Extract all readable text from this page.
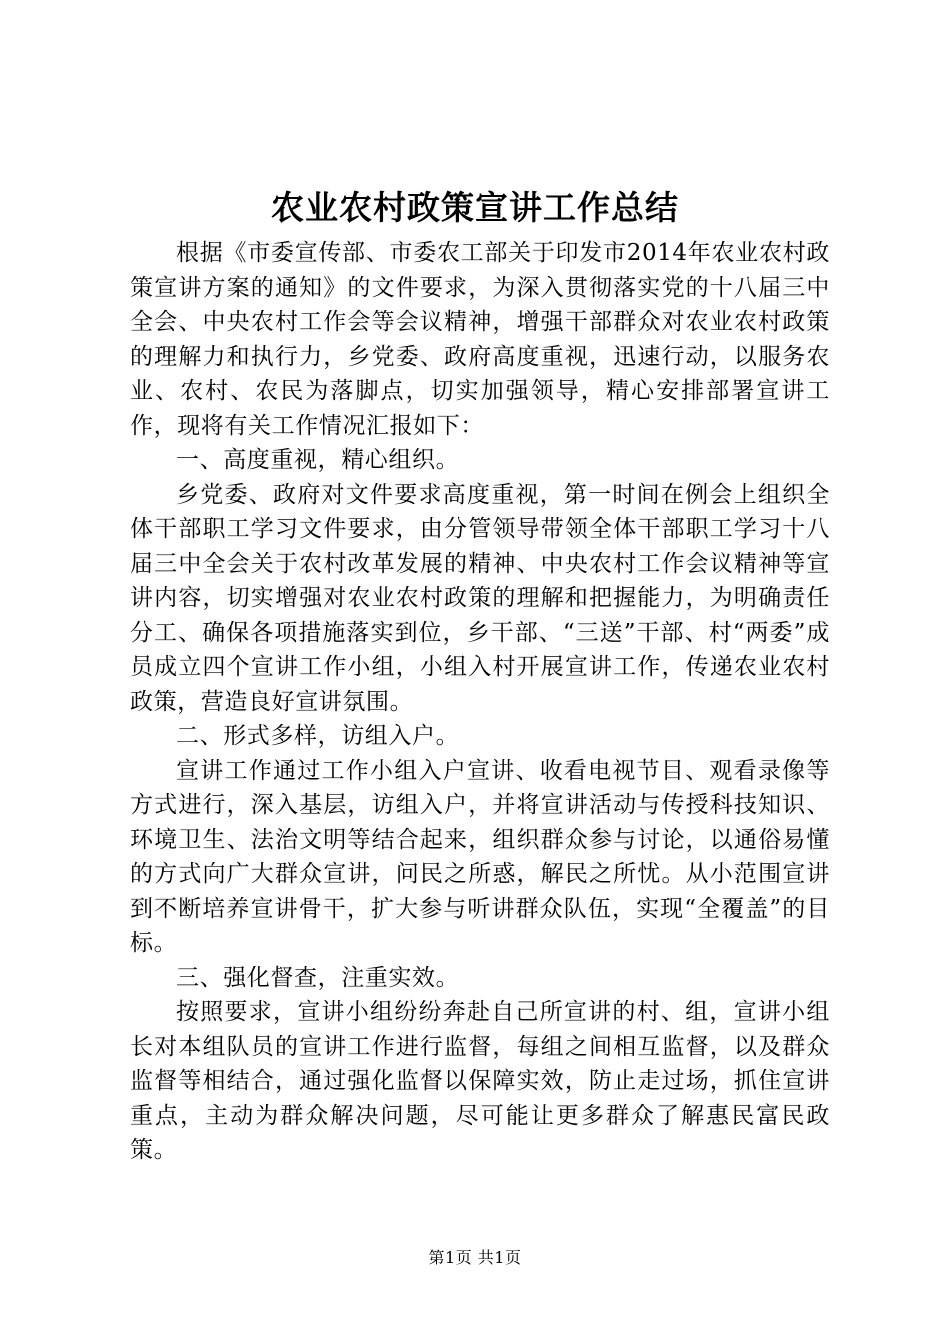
农业农村政策宣讲工作总结

根据《市委宣传部、市委农工部关于印发市2014年农业农村政策宣讲方案的通知》的文件要求，为深入贯彻落实党的十八届三中全会、中央农村工作会等会议精神，增强干部群众对农业农村政策的理解力和执行力，乡党委、政府高度重视，迅速行动，以服务农业、农村、农民为落脚点，切实加强领导，精心安排部署宣讲工作，现将有关工作情况汇报如下：

一、高度重视，精心组织。

乡党委、政府对文件要求高度重视，第一时间在例会上组织全体干部职工学习文件要求，由分管领导带领全体干部职工学习十八届三中全会关于农村改革发展的精神、中央农村工作会议精神等宣讲内容，切实增强对农业农村政策的理解和把握能力，为明确责任分工、确保各项措施落实到位，乡干部、“三送”干部、村“两委”成员成立四个宣讲工作小组，小组入村开展宣讲工作，传递农业农村政策，营造良好宣讲氛围。

二、形式多样，访组入户。

宣讲工作通过工作小组入户宣讲、收看电视节目、观看录像等方式进行，深入基层，访组入户，并将宣讲活动与传授科技知识、环境卫生、法治文明等结合起来，组织群众参与讨论，以通俗易懂的方式向广大群众宣讲，问民之所惑，解民之所忧。从小范围宣讲到不断培养宣讲骨干，扩大参与听讲群众队伍，实现“全覆盖”的目标。

三、强化督查，注重实效。

按照要求，宣讲小组纷纷奔赴自己所宣讲的村、组，宣讲小组长对本组队员的宣讲工作进行监督，每组之间相互监督，以及群众监督等相结合，通过强化监督以保障实效，防止走过场，抓住宣讲重点，主动为群众解决问题，尽可能让更多群众了解惠民富民政策。

第1页 共1页
